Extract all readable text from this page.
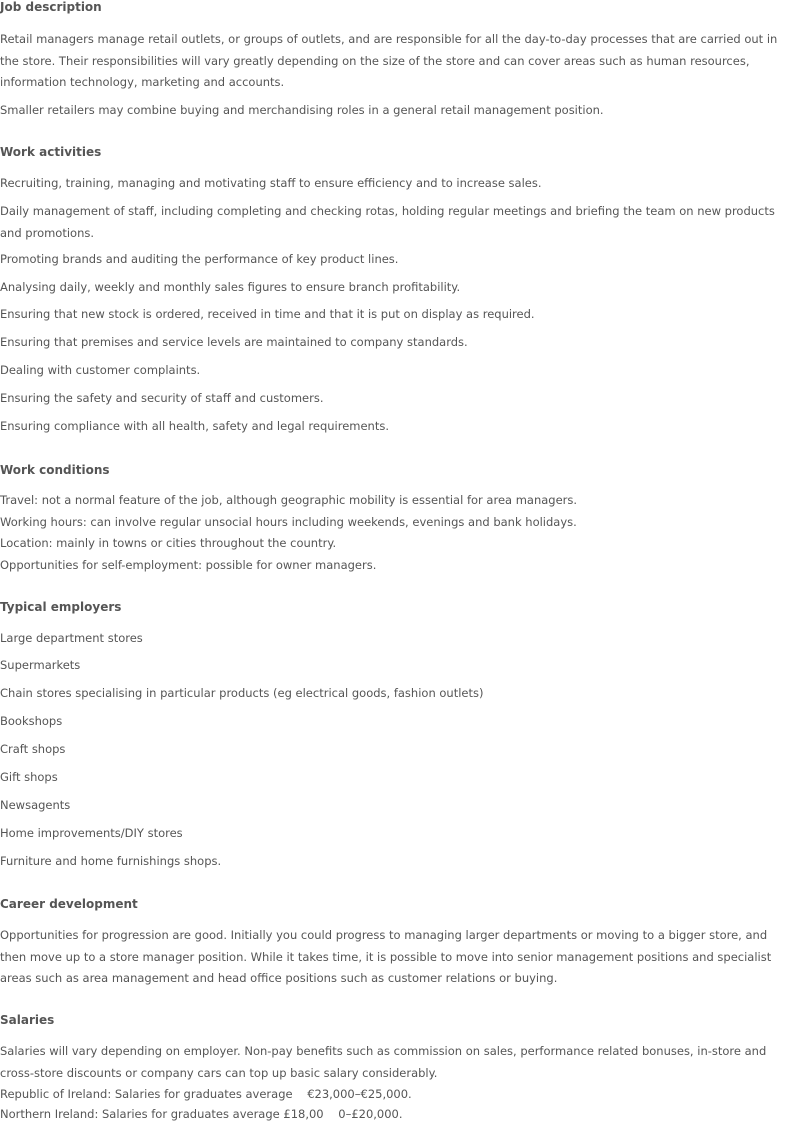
Job description

Retail managers manage retail outlets, or groups of outlets, and are responsible for all the day-to-day processes that are carried out in the store. Their responsibilities will vary greatly depending on the size of the store and can cover areas such as human resources, information technology, marketing and accounts.

Smaller retailers may combine buying and merchandising roles in a general retail management position.

Work activities

Recruiting, training, managing and motivating staff to ensure efficiency and to increase sales.

Daily management of staff, including completing and checking rotas, holding regular meetings and briefing the team on new products and promotions.

Promoting brands and auditing the performance of key product lines.

Analysing daily, weekly and monthly sales figures to ensure branch profitability.

Ensuring that new stock is ordered, received in time and that it is put on display as required.

Ensuring that premises and service levels are maintained to company standards.

Dealing with customer complaints.

Ensuring the safety and security of staff and customers.

Ensuring compliance with all health, safety and legal requirements.

Work conditions

Travel: not a normal feature of the job, although geographic mobility is essential for area managers.

Working hours: can involve regular unsocial hours including weekends, evenings and bank holidays.

Location: mainly in towns or cities throughout the country.

Opportunities for self-employment: possible for owner managers.

Typical employers

Large department stores

Supermarkets

Chain stores specialising in particular products (eg electrical goods, fashion outlets)

Bookshops

Craft shops

Gift shops

Newsagents

Home improvements/DIY stores

Furniture and home furnishings shops.

Career development

Opportunities for progression are good. Initially you could progress to managing larger departments or moving to a bigger store, and then move up to a store manager position. While it takes time, it is possible to move into senior management positions and specialist areas such as area management and head office positions such as customer relations or buying.

Salaries

Salaries will vary depending on employer. Non-pay benefits such as commission on sales, performance related bonuses, in-store and cross-store discounts or company cars can top up basic salary considerably.

Republic of Ireland: Salaries for graduates average    €23,000–€25,000.

Northern Ireland: Salaries for graduates average £18,00    0–£20,000.
